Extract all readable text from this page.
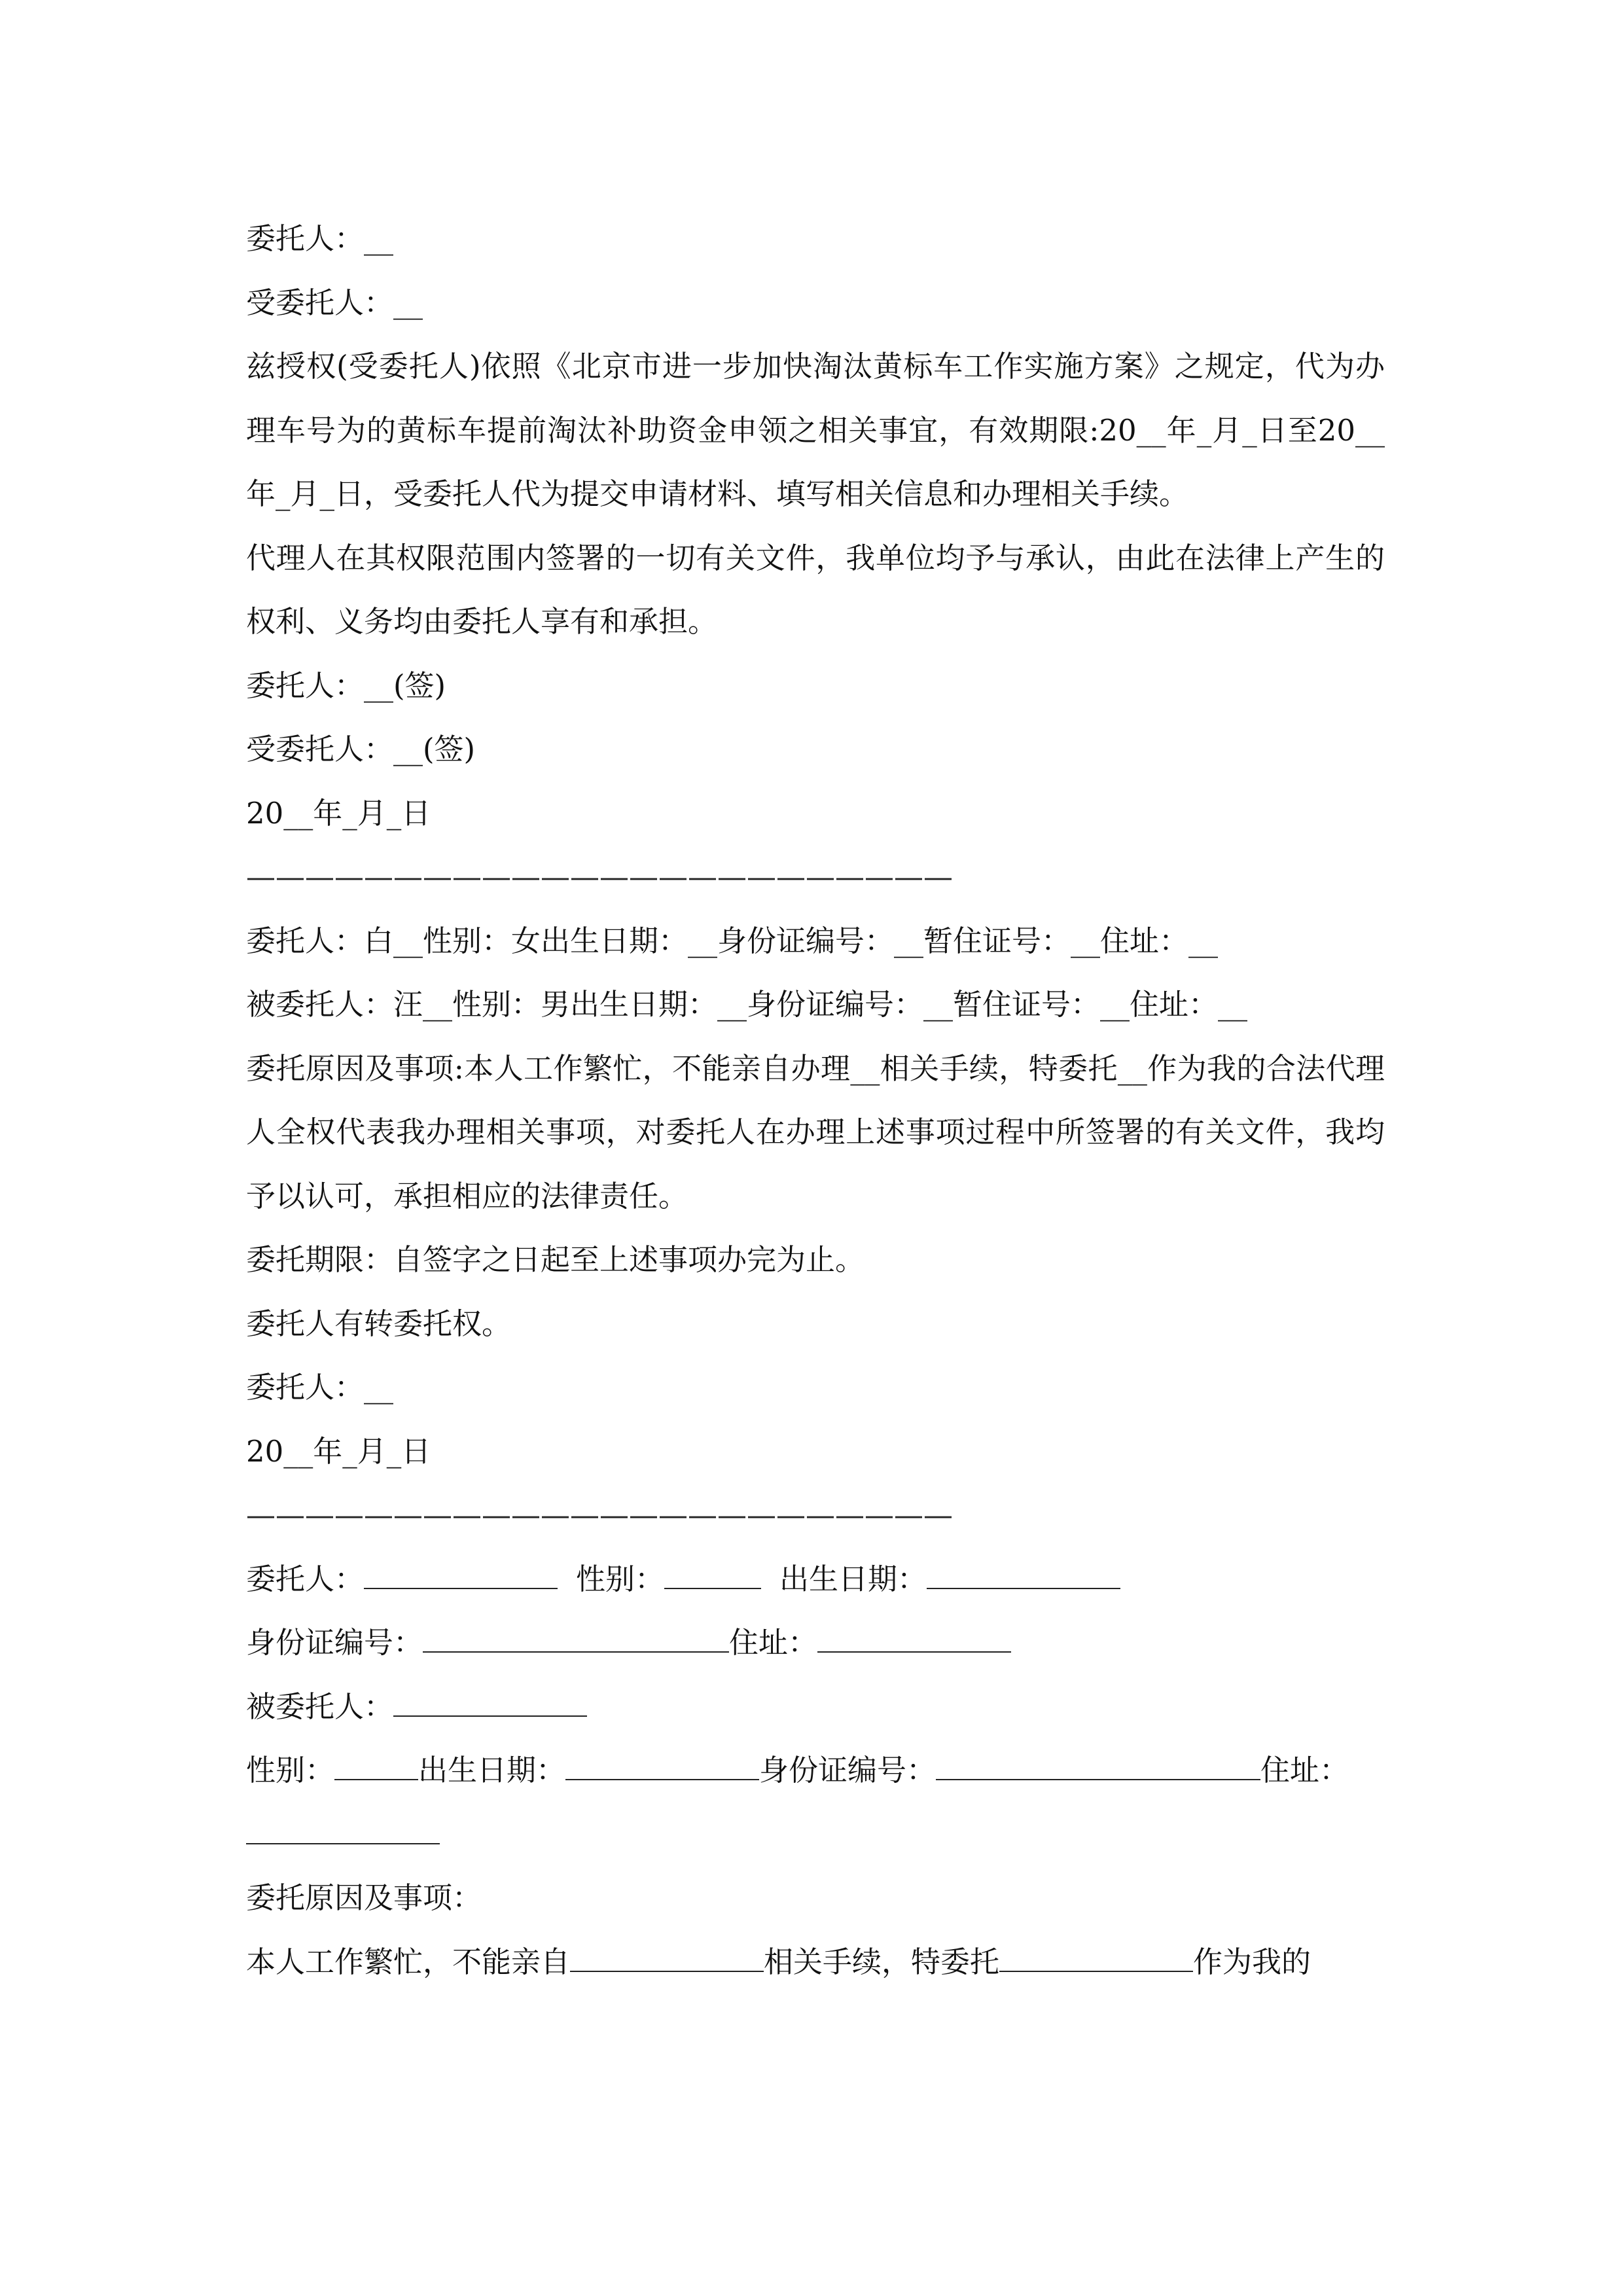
委托人：__
受委托人：__
兹授权(受委托人)依照《北京市进一步加快淘汰黄标车工作实施方案》之规定，代为办理车号为的黄标车提前淘汰补助资金申领之相关事宜，有效期限:20__年_月_日至20__年_月_日，受委托人代为提交申请材料、填写相关信息和办理相关手续。
代理人在其权限范围内签署的一切有关文件，我单位均予与承认，由此在法律上产生的权利、义务均由委托人享有和承担。
委托人：__(签)
受委托人：__(签)
20__年_月_日
————————————————————————
委托人：白__性别：女出生日期：__身份证编号：__暂住证号：__住址：__
被委托人：汪__性别：男出生日期：__身份证编号：__暂住证号：__住址：__
委托原因及事项:本人工作繁忙，不能亲自办理__相关手续，特委托__作为我的合法代理人全权代表我办理相关事项，对委托人在办理上述事项过程中所签署的有关文件，我均予以认可，承担相应的法律责任。
委托期限：自签字之日起至上述事项办完为止。
委托人有转委托权。
委托人：__
20__年_月_日
————————————————————————
委托人：	性别：	出生日期：
身份证编号：	住址：
被委托人：
性别：	出生日期：	身份证编号：	住址：
委托原因及事项：
本人工作繁忙，不能亲自	相关手续，特委托	作为我的
